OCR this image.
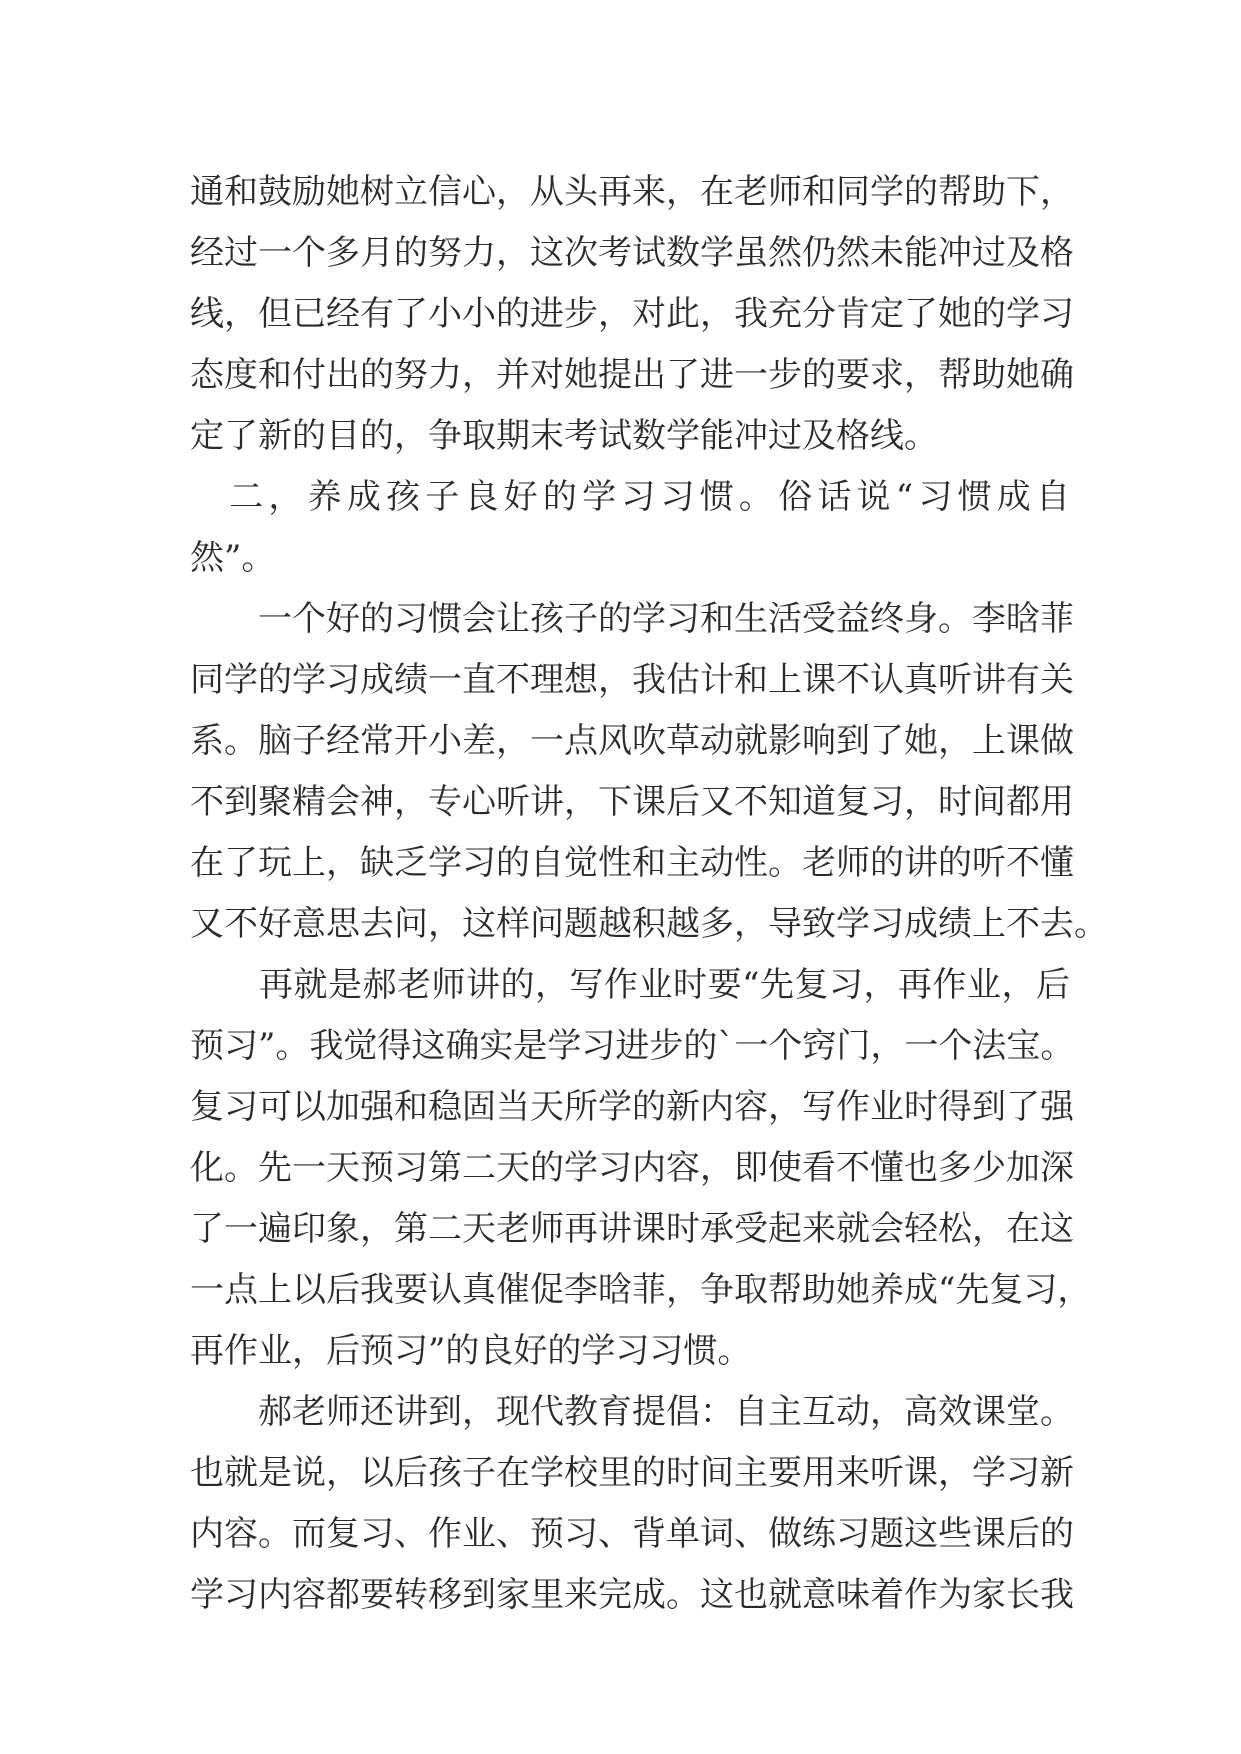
通和鼓励她树立信心，从头再来，在老师和同学的帮助下，
经过一个多月的努力，这次考试数学虽然仍然未能冲过及格
线，但已经有了小小的进步，对此，我充分肯定了她的学习
态度和付出的努力，并对她提出了进一步的要求，帮助她确
定了新的目的，争取期末考试数学能冲过及格线。
　二，养成孩子良好的学习习惯。俗话说“习惯成自
然”。
　　一个好的习惯会让孩子的学习和生活受益终身。李晗菲
同学的学习成绩一直不理想，我估计和上课不认真听讲有关
系。脑子经常开小差，一点风吹草动就影响到了她，上课做
不到聚精会神，专心听讲，下课后又不知道复习，时间都用
在了玩上，缺乏学习的自觉性和主动性。老师的讲的听不懂
又不好意思去问，这样问题越积越多，导致学习成绩上不去。
　　再就是郝老师讲的，写作业时要“先复习，再作业，后
预习”。我觉得这确实是学习进步的`一个窍门，一个法宝。
复习可以加强和稳固当天所学的新内容，写作业时得到了强
化。先一天预习第二天的学习内容，即使看不懂也多少加深
了一遍印象，第二天老师再讲课时承受起来就会轻松，在这
一点上以后我要认真催促李晗菲，争取帮助她养成“先复习，
再作业，后预习”的良好的学习习惯。
　　郝老师还讲到，现代教育提倡：自主互动，高效课堂。
也就是说，以后孩子在学校里的时间主要用来听课，学习新
内容。而复习、作业、预习、背单词、做练习题这些课后的
学习内容都要转移到家里来完成。这也就意味着作为家长我
